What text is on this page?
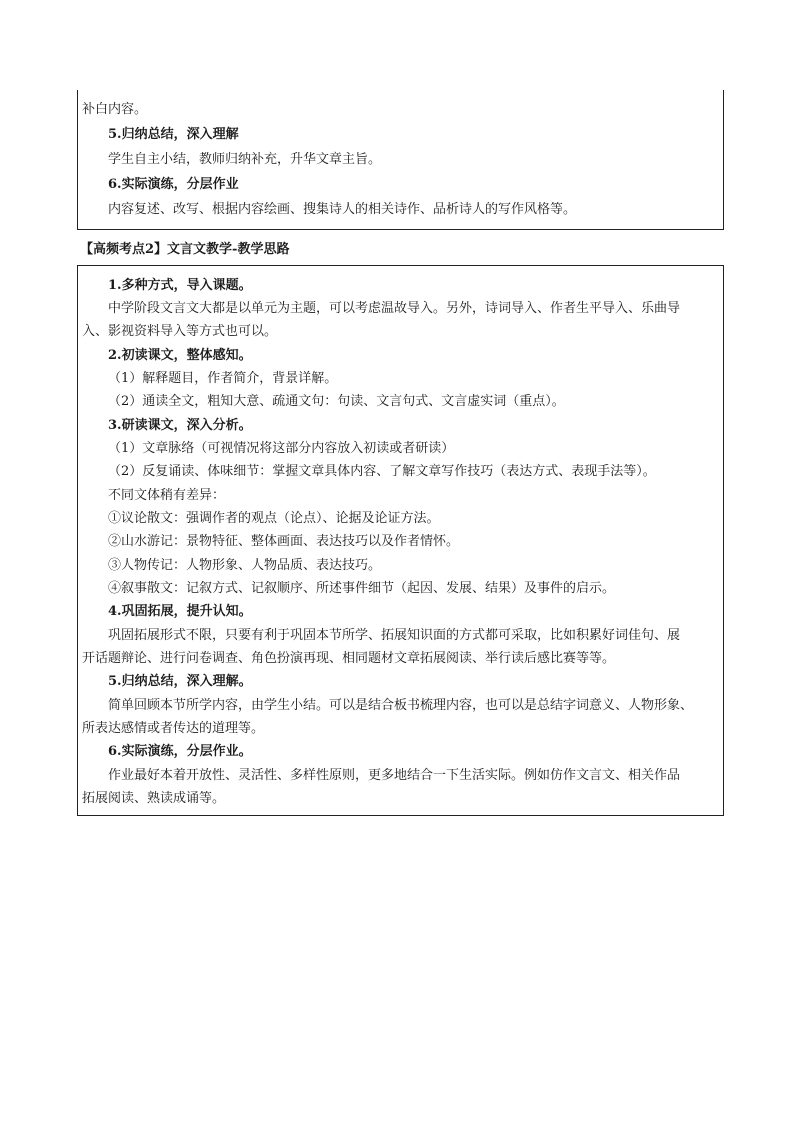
补白内容。
5.归纳总结，深入理解
学生自主小结，教师归纳补充，升华文章主旨。
6.实际演练，分层作业
内容复述、改写、根据内容绘画、搜集诗人的相关诗作、品析诗人的写作风格等。
【高频考点2】文言文教学-教学思路
1.多种方式，导入课题。
中学阶段文言文大都是以单元为主题，可以考虑温故导入。另外，诗词导入、作者生平导入、乐曲导
入、影视资料导入等方式也可以。
2.初读课文，整体感知。
（1）解释题目，作者简介，背景详解。
（2）通读全文，粗知大意、疏通文句：句读、文言句式、文言虚实词（重点）。
3.研读课文，深入分析。
（1）文章脉络（可视情况将这部分内容放入初读或者研读）
（2）反复诵读、体味细节：掌握文章具体内容、了解文章写作技巧（表达方式、表现手法等）。
不同文体稍有差异：
①议论散文：强调作者的观点（论点）、论据及论证方法。
②山水游记：景物特征、整体画面、表达技巧以及作者情怀。
③人物传记：人物形象、人物品质、表达技巧。
④叙事散文：记叙方式、记叙顺序、所述事件细节（起因、发展、结果）及事件的启示。
4.巩固拓展，提升认知。
巩固拓展形式不限，只要有利于巩固本节所学、拓展知识面的方式都可采取，比如积累好词佳句、展
开话题辩论、进行问卷调查、角色扮演再现、相同题材文章拓展阅读、举行读后感比赛等等。
5.归纳总结，深入理解。
简单回顾本节所学内容，由学生小结。可以是结合板书梳理内容，也可以是总结字词意义、人物形象、
所表达感情或者传达的道理等。
6.实际演练，分层作业。
作业最好本着开放性、灵活性、多样性原则，更多地结合一下生活实际。例如仿作文言文、相关作品
拓展阅读、熟读成诵等。
